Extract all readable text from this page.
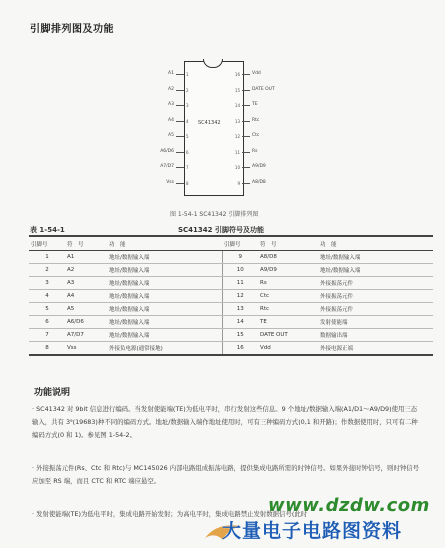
引脚排列图及功能
SC41342
A1	1
A2	2
A3	3
A4	4
A5	5
A6/D6	6
A7/D7	7
Vss	8
Vdd
16
DATE OUT
15
TE
14
Rtc
13
Ctc
12
Rs
11
A9/D9
10
A8/D8
9
图 1-54-1 SC41342 引脚排列图
表 1-54-1	SC41342 引脚符号及功能
引脚号	符　号	功　能	引脚号	符　号	功　能
1	A1	地址/数据输入端	9	A8/D8	地址/数据输入端
2	A2	地址/数据输入端	10	A9/D9	地址/数据输入端
3	A3	地址/数据输入端	11	Rs	外接振荡元件
4	A4	地址/数据输入端	12	Ctc	外接振荡元件
5	A5	地址/数据输入端	13	Rtc	外接振荡元件
6	A6/D6	地址/数据输入端	14	TE	发射使能端
7	A7/D7	地址/数据输入端	15	DATE OUT	数据输出端
8	Vss	外接负电源(通常接地)	16	Vdd	外接电源正端
功能说明
· SC41342 对 9bit 信息进行编码。当发射使能端(TE)为低电平时，串行发射这些信息。9 个地址/数据输入端(A1/D1～A9/D9)使用三态输入，共有 3⁹(19683)种不同的编码方式。地址/数据输入端作地址使用时，可有三种编码方式(0,1 和开路)；作数据使用时，只可有二种编码方式(0 和 1)。参见图 1-54-2。
· 外接振荡元件(Rs、Ctc 和 Rtc)与 MC145026 内部电路组成振荡电路，提供集成电路所需的时钟信号。如果外接时钟信号，则时钟信号应加至 RS 端，而且 CTC 和 RTC 端应悬空。
· 发射使能端(TE)为低电平时，集成电路开始发射；为高电平时，集成电路禁止发射数据信号(此时
www.dzdw.com
大量电子电路图资料
